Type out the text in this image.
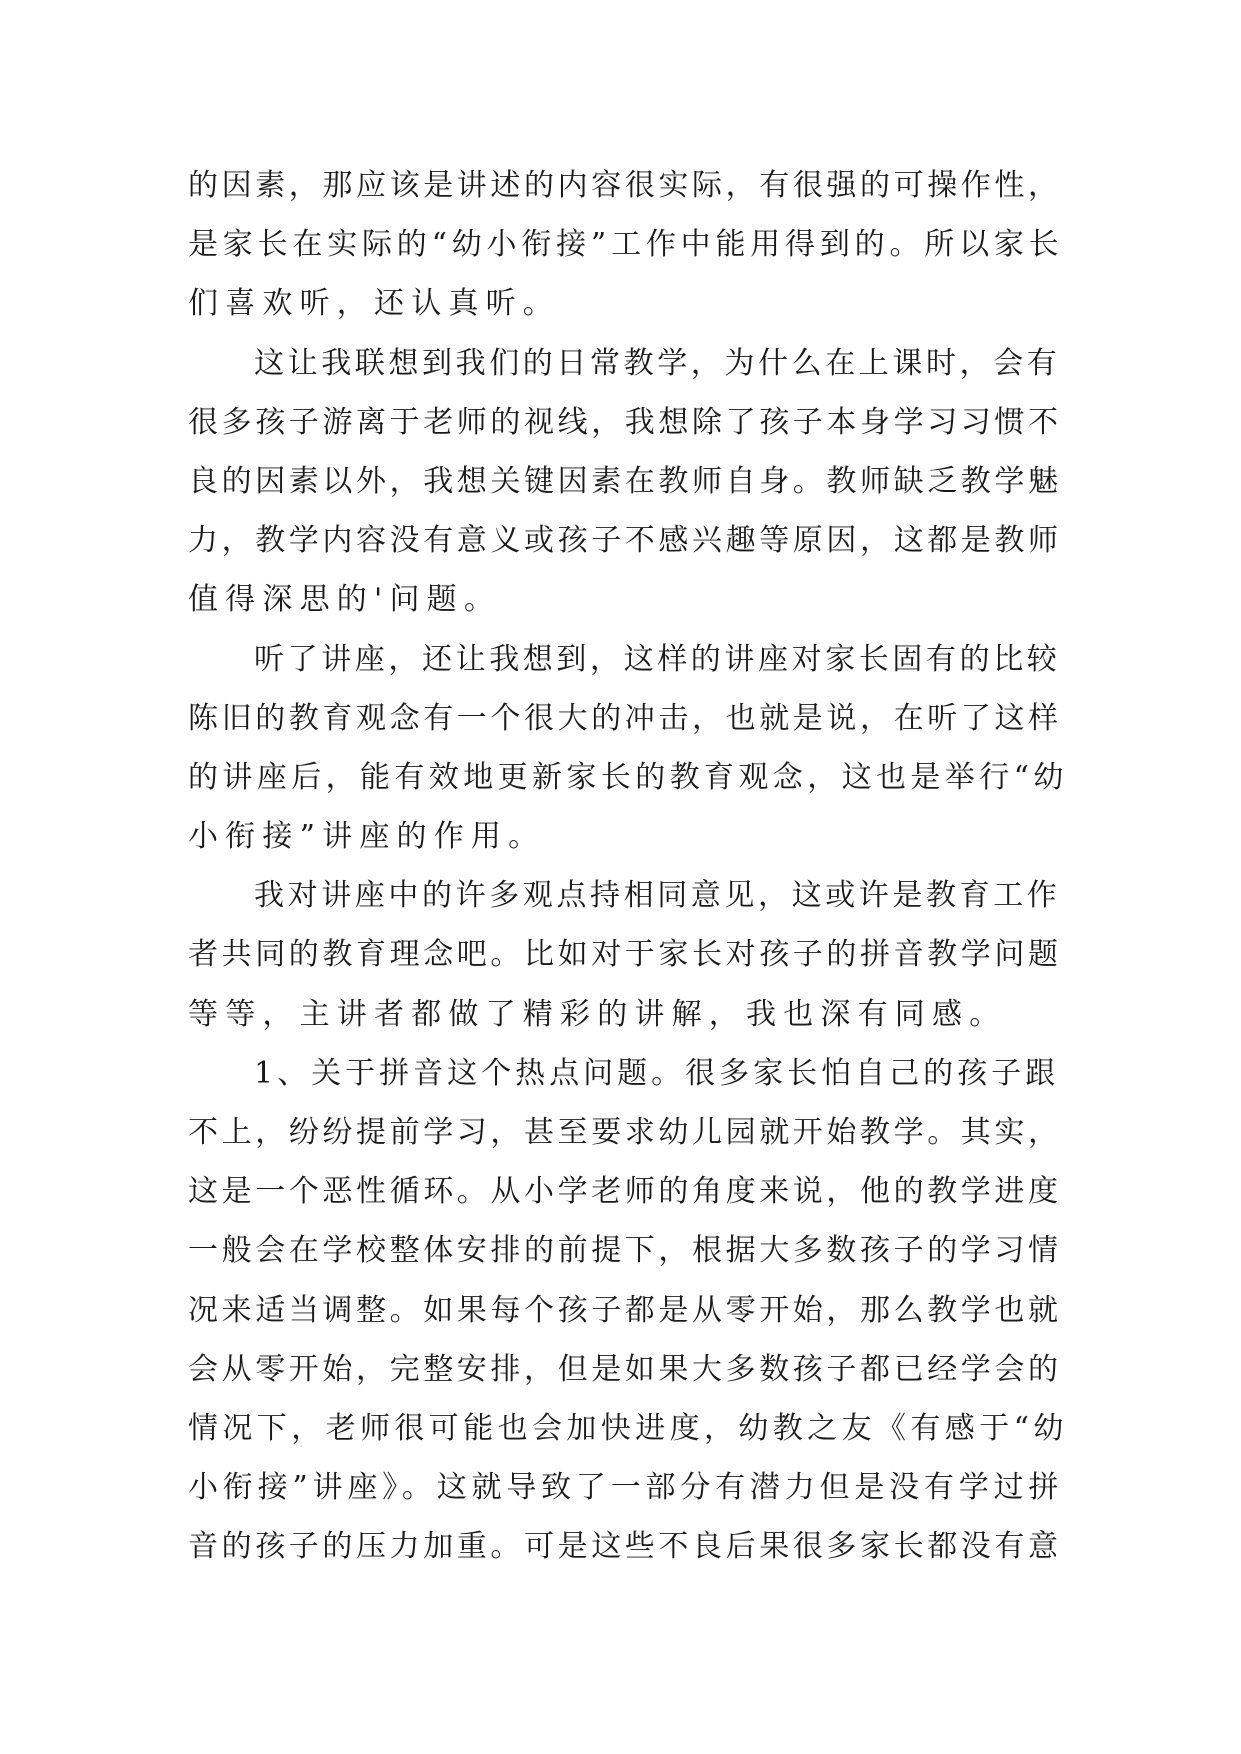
的因素，那应该是讲述的内容很实际，有很强的可操作性，
是家长在实际的“幼小衔接”工作中能用得到的。所以家长
们喜欢听，还认真听。
这让我联想到我们的日常教学，为什么在上课时，会有
很多孩子游离于老师的视线，我想除了孩子本身学习习惯不
良的因素以外，我想关键因素在教师自身。教师缺乏教学魅
力，教学内容没有意义或孩子不感兴趣等原因，这都是教师
值得深思的'问题。
听了讲座，还让我想到，这样的讲座对家长固有的比较
陈旧的教育观念有一个很大的冲击，也就是说，在听了这样
的讲座后，能有效地更新家长的教育观念，这也是举行“幼
小衔接”讲座的作用。
我对讲座中的许多观点持相同意见，这或许是教育工作
者共同的教育理念吧。比如对于家长对孩子的拼音教学问题
等等，主讲者都做了精彩的讲解，我也深有同感。
1、关于拼音这个热点问题。很多家长怕自己的孩子跟
不上，纷纷提前学习，甚至要求幼儿园就开始教学。其实，
这是一个恶性循环。从小学老师的角度来说，他的教学进度
一般会在学校整体安排的前提下，根据大多数孩子的学习情
况来适当调整。如果每个孩子都是从零开始，那么教学也就
会从零开始，完整安排，但是如果大多数孩子都已经学会的
情况下，老师很可能也会加快进度，幼教之友《有感于“幼
小衔接”讲座》。这就导致了一部分有潜力但是没有学过拼
音的孩子的压力加重。可是这些不良后果很多家长都没有意
